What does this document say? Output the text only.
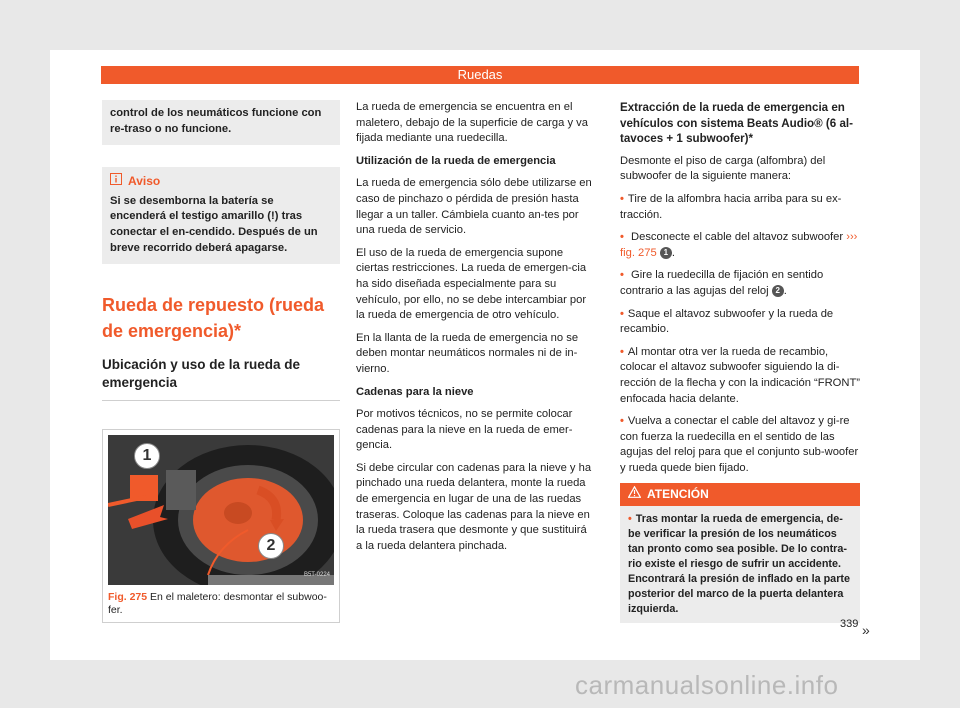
Ruedas
control de los neumáticos funcione con re-traso o no funcione.
Aviso
Si se desemborna la batería se encenderá el testigo amarillo (!) tras conectar el en-cendido. Después de un breve recorrido deberá apagarse.
Rueda de repuesto (rueda de emergencia)*
Ubicación y uso de la rueda de emergencia
1
2
B5T-0224
Fig. 275 En el maletero: desmontar el subwoo-fer.

La rueda de emergencia se encuentra en el maletero, debajo de la superficie de carga y va fijada mediante una ruedecilla.

Utilización de la rueda de emergencia

La rueda de emergencia sólo debe utilizarse en caso de pinchazo o pérdida de presión hasta llegar a un taller. Cámbiela cuanto an-tes por una rueda de servicio.

El uso de la rueda de emergencia supone ciertas restricciones. La rueda de emergen-cia ha sido diseñada especialmente para su vehículo, por ello, no se debe intercambiar por la rueda de emergencia de otro vehículo.

En la llanta de la rueda de emergencia no se deben montar neumáticos normales ni de in-vierno.

Cadenas para la nieve

Por motivos técnicos, no se permite colocar cadenas para la nieve en la rueda de emer-gencia.

Si debe circular con cadenas para la nieve y ha pinchado una rueda delantera, monte la rueda de emergencia en lugar de una de las ruedas traseras. Coloque las cadenas para la nieve en la rueda trasera que desmonte y que sustituirá a la rueda delantera pinchada.

Extracción de la rueda de emergencia en vehículos con sistema Beats Audio® (6 al-tavoces + 1 subwoofer)*

Desmonte el piso de carga (alfombra) del subwoofer de la siguiente manera:

• Tire de la alfombra hacia arriba para su ex-tracción.
• Desconecte el cable del altavoz subwoofer ››› fig. 275 1 .
• Gire la ruedecilla de fijación en sentido contrario a las agujas del reloj 2 .
• Saque el altavoz subwoofer y la rueda de recambio.
• Al montar otra ver la rueda de recambio, colocar el altavoz subwoofer siguiendo la di-rección de la flecha y con la indicación “FRONT” enfocada hacia delante.
• Vuelva a conectar el cable del altavoz y gi-re con fuerza la ruedecilla en el sentido de las agujas del reloj para que el conjunto sub-woofer y rueda quede bien fijado.
ATENCIÓN
• Tras montar la rueda de emergencia, de-be verificar la presión de los neumáticos tan pronto como sea posible. De lo contra-rio existe el riesgo de sufrir un accidente. Encontrará la presión de inflado en la parte posterior del marco de la puerta delantera izquierda.
»
339
carmanualsonline.info
